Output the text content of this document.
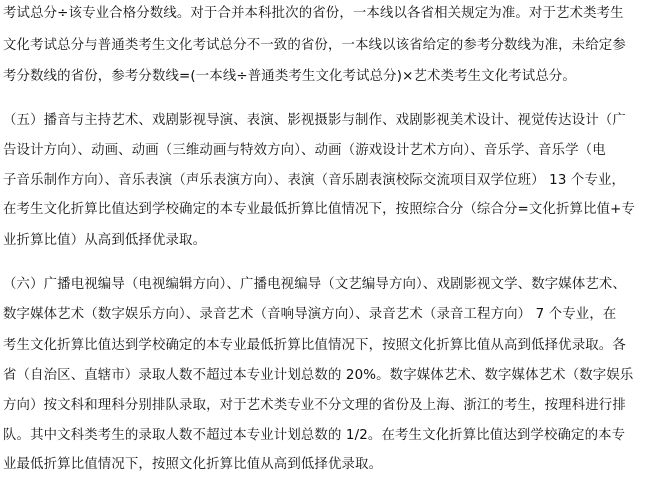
考试总分÷该专业合格分数线。对于合并本科批次的省份，一本线以各省相关规定为准。对于艺术类考生
文化考试总分与普通类考生文化考试总分不一致的省份，一本线以该省给定的参考分数线为准，未给定参
考分数线的省份，参考分数线=(一本线÷普通类考生文化考试总分)×艺术类考生文化考试总分。
（五）播音与主持艺术、戏剧影视导演、表演、影视摄影与制作、戏剧影视美术设计、视觉传达设计（广
告设计方向）、动画、动画（三维动画与特效方向）、动画（游戏设计艺术方向）、音乐学、音乐学（电
子音乐制作方向）、音乐表演（声乐表演方向）、表演（音乐剧表演校际交流项目双学位班） 13 个专业，
在考生文化折算比值达到学校确定的本专业最低折算比值情况下，按照综合分（综合分=文化折算比值+专
业折算比值）从高到低择优录取。
（六）广播电视编导（电视编辑方向）、广播电视编导（文艺编导方向）、戏剧影视文学、数字媒体艺术、
数字媒体艺术（数字娱乐方向）、录音艺术（音响导演方向）、录音艺术（录音工程方向） 7 个专业，在
考生文化折算比值达到学校确定的本专业最低折算比值情况下，按照文化折算比值从高到低择优录取。各
省（自治区、直辖市）录取人数不超过本专业计划总数的 20%。数字媒体艺术、数字媒体艺术（数字娱乐
方向）按文科和理科分别排队录取，对于艺术类专业不分文理的省份及上海、浙江的考生，按理科进行排
队。其中文科类考生的录取人数不超过本专业计划总数的 1/2。在考生文化折算比值达到学校确定的本专
业最低折算比值情况下，按照文化折算比值从高到低择优录取。
